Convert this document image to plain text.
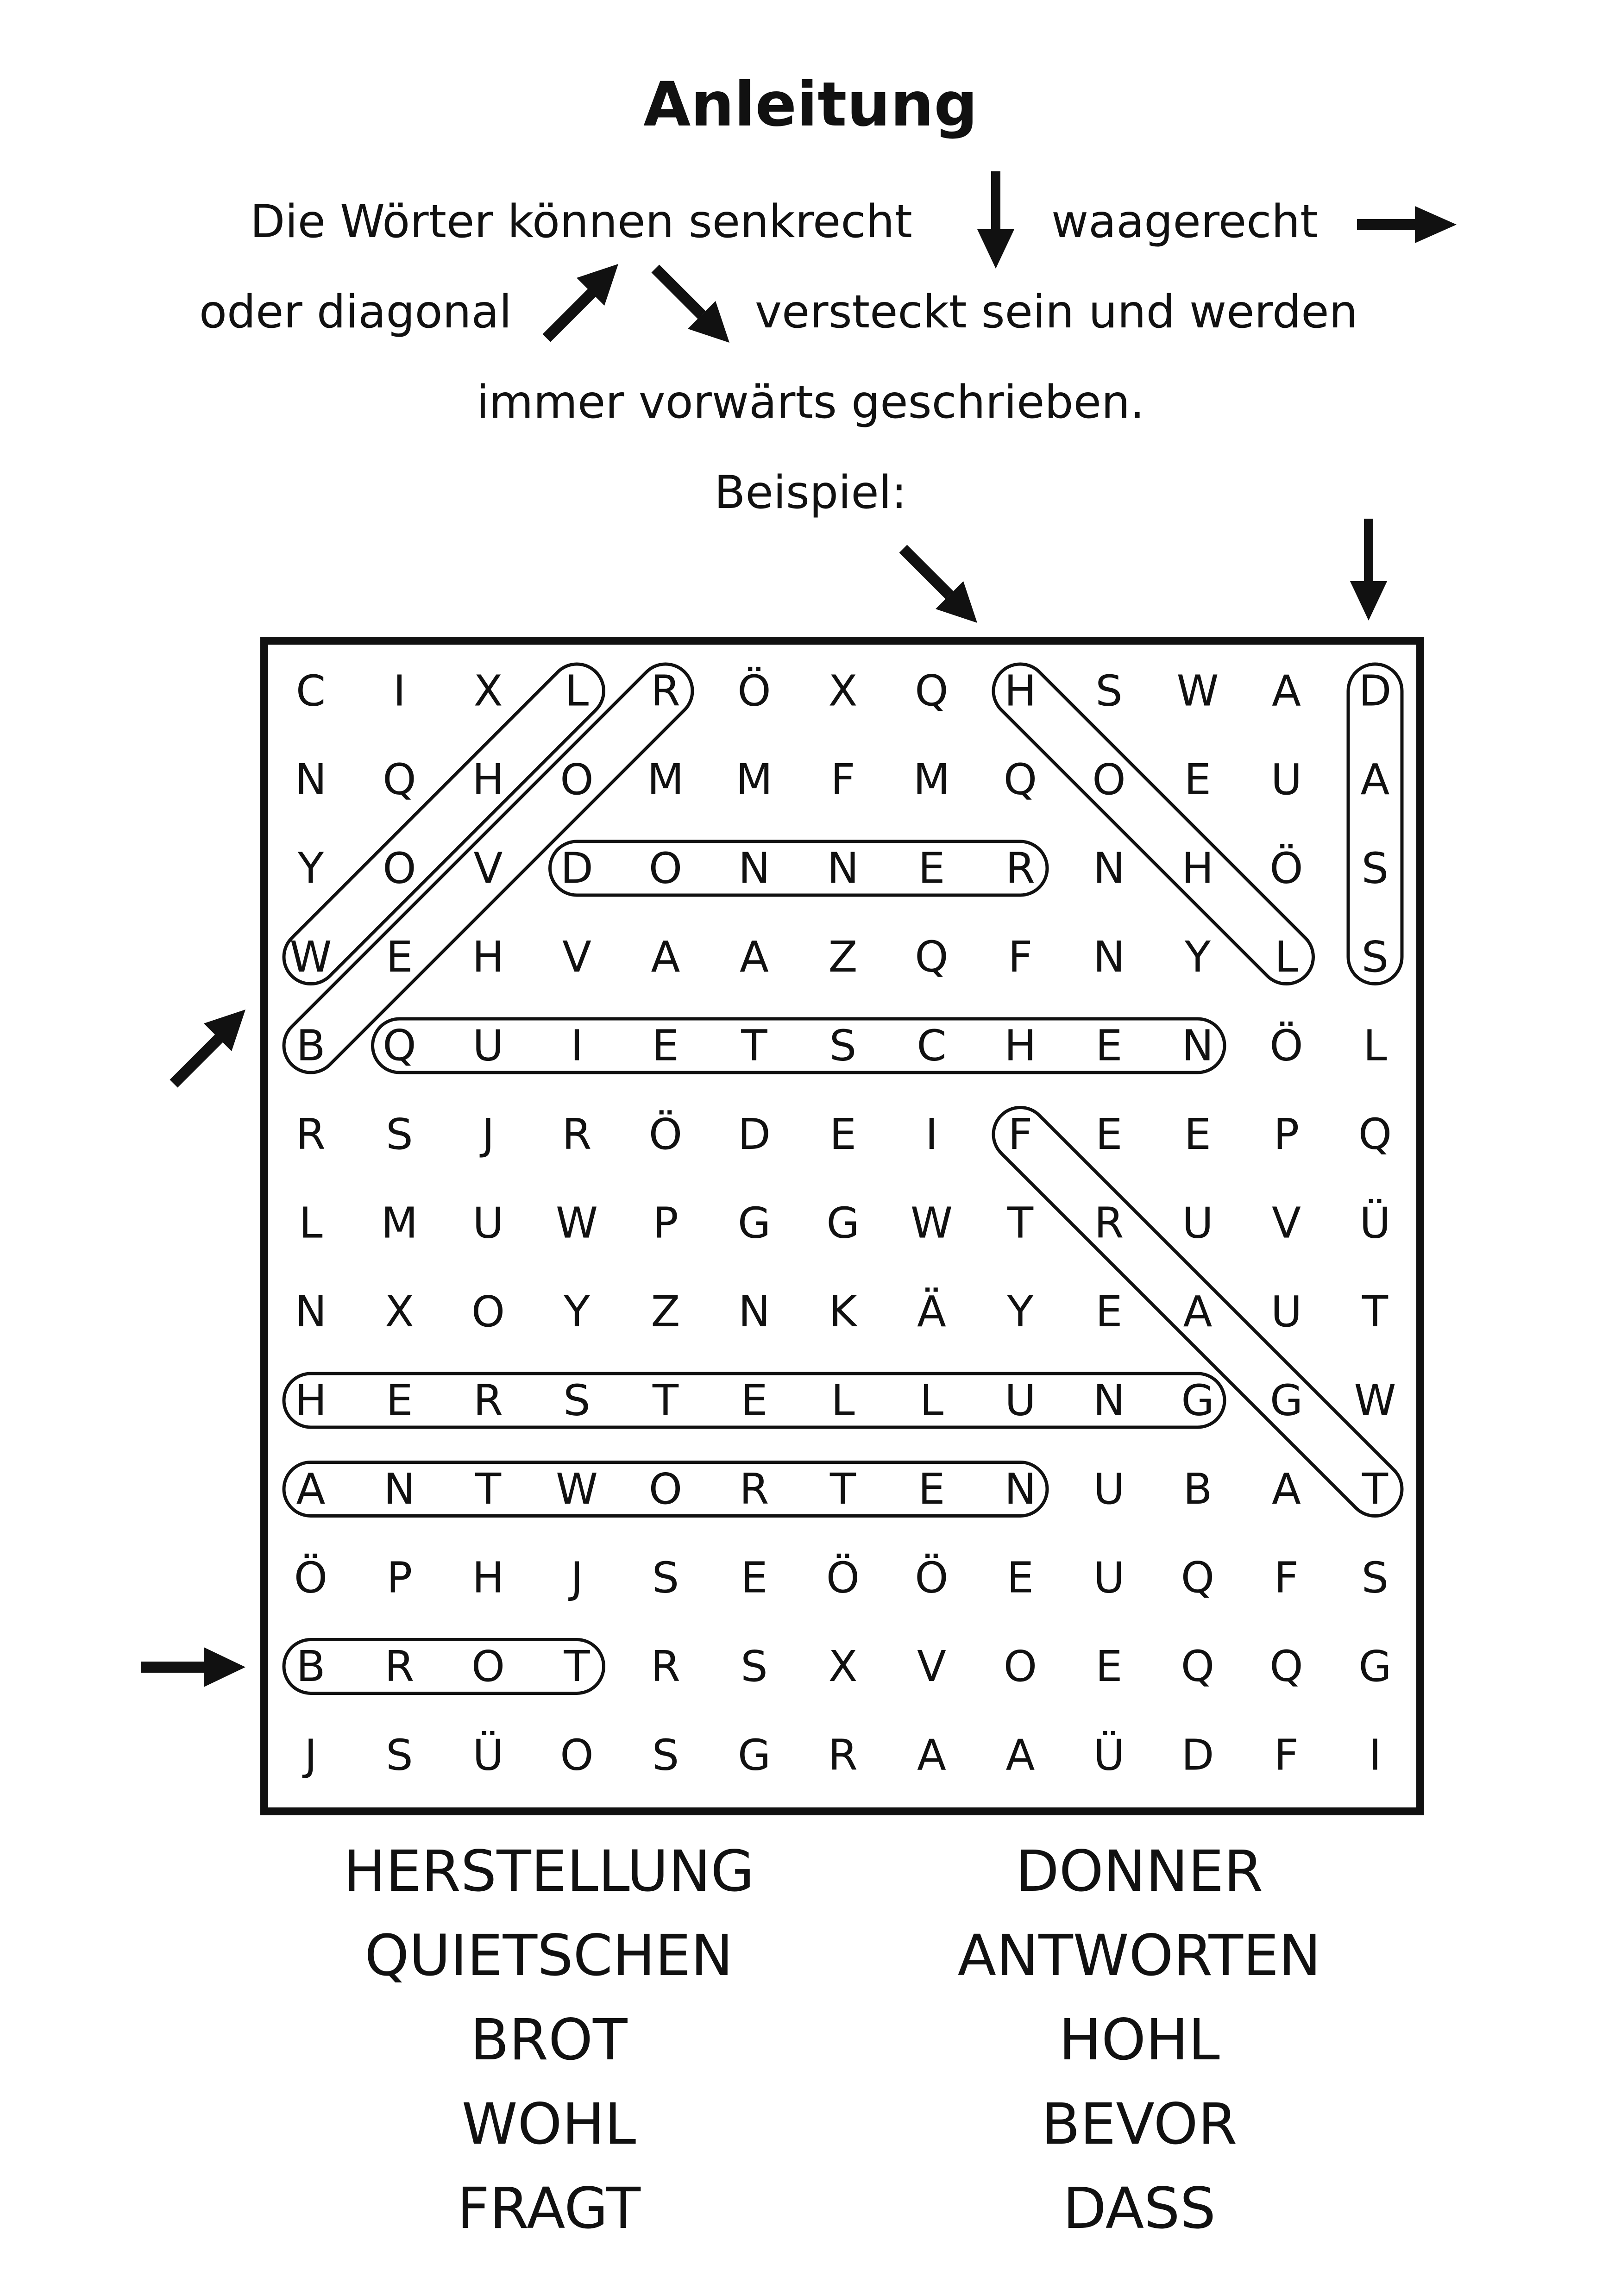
Anleitung
Die Wörter können senkrecht	waagerecht
oder diagonal	versteckt sein und werden
immer vorwärts geschrieben.
Beispiel:
C I X L R Ö X Q H S W A D
N Q H O M M F M Q O E U A
Y O V D O N N E R N H Ö S
W E H V A A Z Q F N Y L S
B Q U I E T S C H E N Ö L
R S J R Ö D E I F E E P Q
L M U W P G G W T R U V Ü
N X O Y Z N K Ä Y E A U T
H E R S T E L L U N G G W
A N T W O R T E N U B A T
Ö P H J S E Ö Ö E U Q F S
B R O T R S X V O E Q Q G
J S Ü O S G R A A Ü D F I
HERSTELLUNG
QUIETSCHEN
BROT
WOHL
FRAGT
DONNER
ANTWORTEN
HOHL
BEVOR
DASS
